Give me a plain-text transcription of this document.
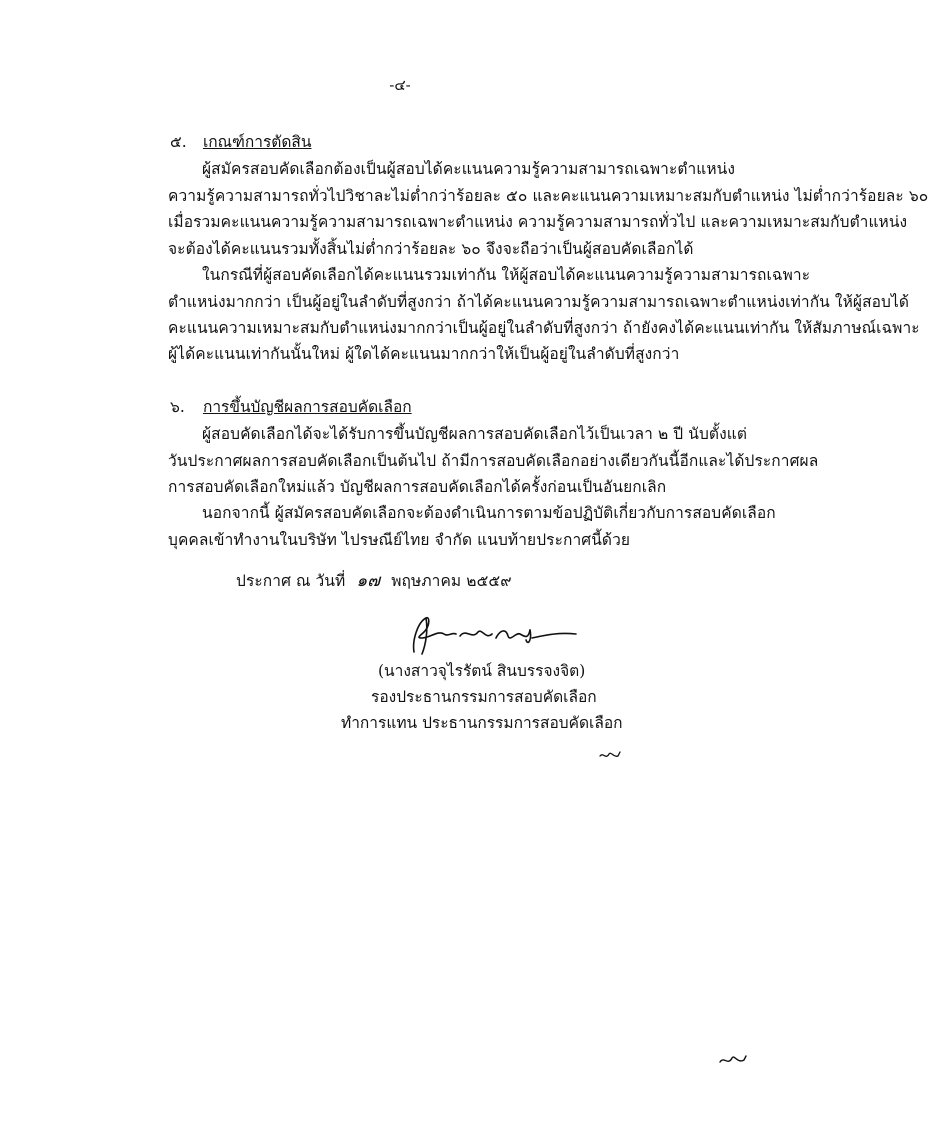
-๔-
๕. เกณฑ์การตัดสิน
ผู้สมัครสอบคัดเลือกต้องเป็นผู้สอบได้คะแนนความรู้ความสามารถเฉพาะตำแหน่ง
ความรู้ความสามารถทั่วไปวิชาละไม่ต่ำกว่าร้อยละ ๕๐ และคะแนนความเหมาะสมกับตำแหน่ง ไม่ต่ำกว่าร้อยละ ๖๐
เมื่อรวมคะแนนความรู้ความสามารถเฉพาะตำแหน่ง ความรู้ความสามารถทั่วไป และความเหมาะสมกับตำแหน่ง
จะต้องได้คะแนนรวมทั้งสิ้นไม่ต่ำกว่าร้อยละ ๖๐ จึงจะถือว่าเป็นผู้สอบคัดเลือกได้
ในกรณีที่ผู้สอบคัดเลือกได้คะแนนรวมเท่ากัน ให้ผู้สอบได้คะแนนความรู้ความสามารถเฉพาะ
ตำแหน่งมากกว่า เป็นผู้อยู่ในลำดับที่สูงกว่า ถ้าได้คะแนนความรู้ความสามารถเฉพาะตำแหน่งเท่ากัน ให้ผู้สอบได้
คะแนนความเหมาะสมกับตำแหน่งมากกว่าเป็นผู้อยู่ในลำดับที่สูงกว่า ถ้ายังคงได้คะแนนเท่ากัน ให้สัมภาษณ์เฉพาะ
ผู้ได้คะแนนเท่ากันนั้นใหม่ ผู้ใดได้คะแนนมากกว่าให้เป็นผู้อยู่ในลำดับที่สูงกว่า
๖. การขึ้นบัญชีผลการสอบคัดเลือก
ผู้สอบคัดเลือกได้จะได้รับการขึ้นบัญชีผลการสอบคัดเลือกไว้เป็นเวลา ๒ ปี นับตั้งแต่
วันประกาศผลการสอบคัดเลือกเป็นต้นไป ถ้ามีการสอบคัดเลือกอย่างเดียวกันนี้อีกและได้ประกาศผล
การสอบคัดเลือกใหม่แล้ว บัญชีผลการสอบคัดเลือกได้ครั้งก่อนเป็นอันยกเลิก
นอกจากนี้ ผู้สมัครสอบคัดเลือกจะต้องดำเนินการตามข้อปฏิบัติเกี่ยวกับการสอบคัดเลือก
บุคคลเข้าทำงานในบริษัท ไปรษณีย์ไทย จำกัด แนบท้ายประกาศนี้ด้วย
ประกาศ ณ วันที่ ๑๗ พฤษภาคม ๒๕๕๙
(นางสาวจุไรรัตน์ สินบรรจงจิต)
รองประธานกรรมการสอบคัดเลือก
ทำการแทน ประธานกรรมการสอบคัดเลือก
